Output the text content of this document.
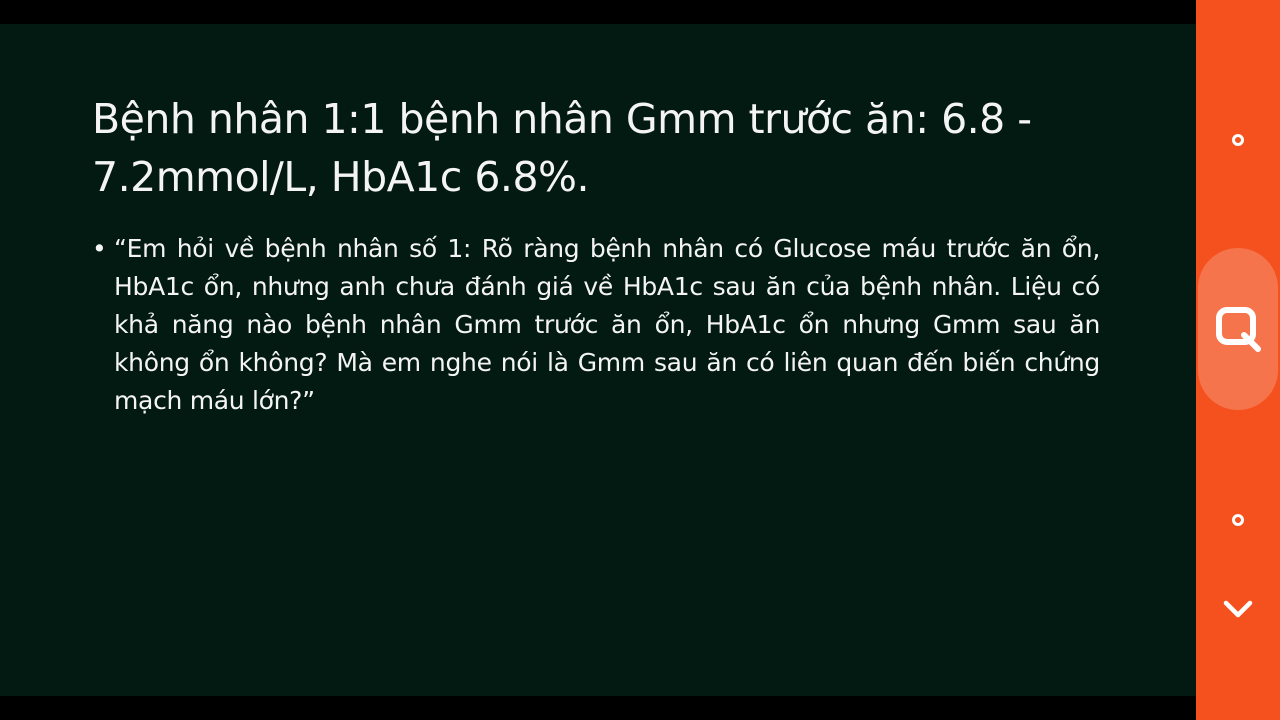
Bệnh nhân 1:1 bệnh nhân Gmm trước ăn: 6.8 - 7.2mmol/L, HbA1c 6.8%.
• “Em hỏi về bệnh nhân số 1: Rõ ràng bệnh nhân có Glucose máu trước ăn ổn, HbA1c ổn, nhưng anh chưa đánh giá về HbA1c sau ăn của bệnh nhân. Liệu có khả năng nào bệnh nhân Gmm trước ăn ổn, HbA1c ổn nhưng Gmm sau ăn không ổn không? Mà em nghe nói là Gmm sau ăn có liên quan đến biến chứng mạch máu lớn?”
